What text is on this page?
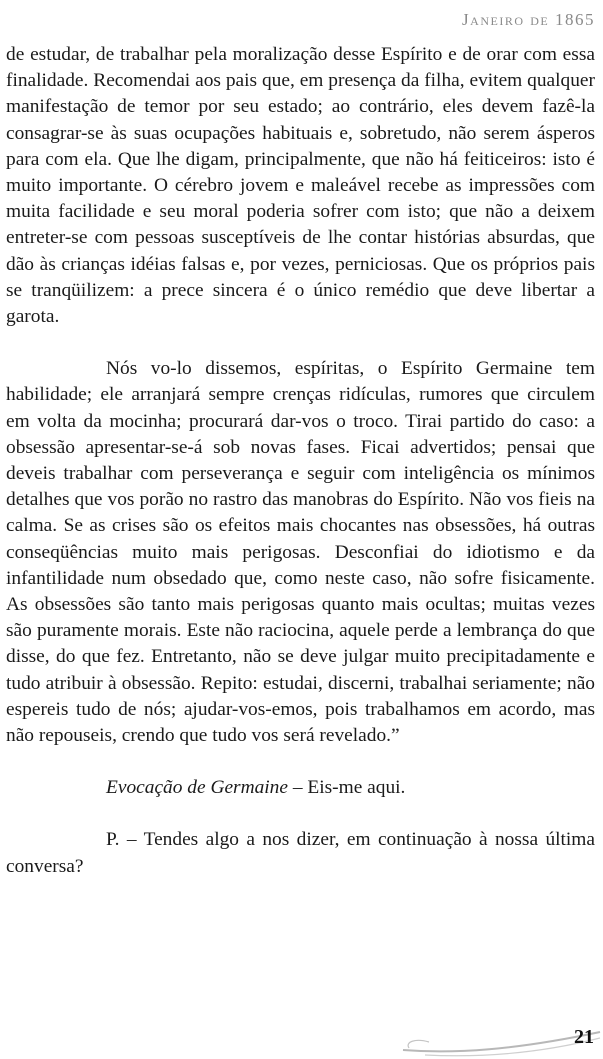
Janeiro de 1865

de estudar, de trabalhar pela moralização desse Espírito e de orar com essa finalidade. Recomendai aos pais que, em presença da filha, evitem qualquer manifestação de temor por seu estado; ao contrário, eles devem fazê-la consagrar-se às suas ocupações habituais e, sobretudo, não serem ásperos para com ela. Que lhe digam, principalmente, que não há feiticeiros: isto é muito importante. O cérebro jovem e maleável recebe as impressões com muita facilidade e seu moral poderia sofrer com isto; que não a deixem entreter-se com pessoas susceptíveis de lhe contar histórias absurdas, que dão às crianças idéias falsas e, por vezes, perniciosas. Que os próprios pais se tranqüilizem: a prece sincera é o único remédio que deve libertar a garota.

Nós vo-lo dissemos, espíritas, o Espírito Germaine tem habilidade; ele arranjará sempre crenças ridículas, rumores que circulem em volta da mocinha; procurará dar-vos o troco. Tirai partido do caso: a obsessão apresentar-se-á sob novas fases. Ficai advertidos; pensai que deveis trabalhar com perseverança e seguir com inteligência os mínimos detalhes que vos porão no rastro das manobras do Espírito. Não vos fieis na calma. Se as crises são os efeitos mais chocantes nas obsessões, há outras conseqüências muito mais perigosas. Desconfiai do idiotismo e da infantilidade num obsedado que, como neste caso, não sofre fisicamente. As obsessões são tanto mais perigosas quanto mais ocultas; muitas vezes são puramente morais. Este não raciocina, aquele perde a lembrança do que disse, do que fez. Entretanto, não se deve julgar muito precipitadamente e tudo atribuir à obsessão. Repito: estudai, discerni, trabalhai seriamente; não espereis tudo de nós; ajudar-vos-emos, pois trabalhamos em acordo, mas não repouseis, crendo que tudo vos será revelado.”

Evocação de Germaine – Eis-me aqui.

P. – Tendes algo a nos dizer, em continuação à nossa última conversa?

21
